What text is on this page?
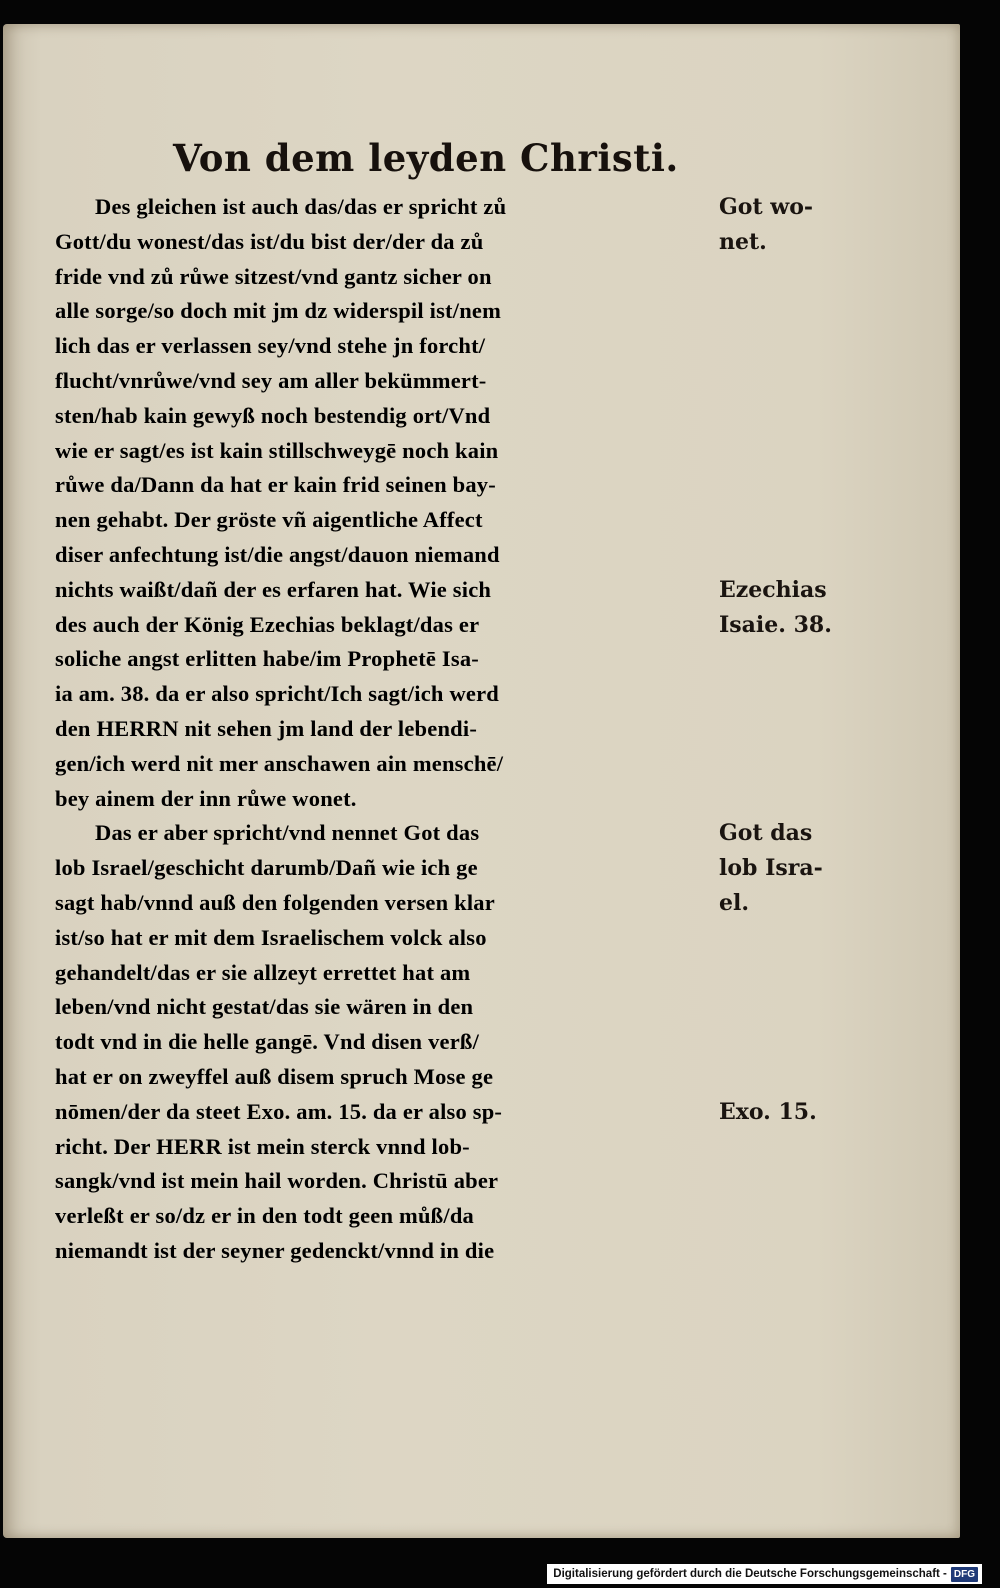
Von dem leyden Christi.
Des gleichen ist auch das/das er spricht zů
Gott/du wonest/das ist/du bist der/der da zů
fride vnd zů růwe sitzest/vnd gantz sicher on
alle sorge/so doch mit jm dz widerspil ist/nem
lich das er verlassen sey/vnd stehe jn forcht/
flucht/vnrůwe/vnd sey am aller bekümmert-
sten/hab kain gewyß noch bestendig ort/Vnd
wie er sagt/es ist kain stillschweygē noch kain
růwe da/Dann da hat er kain frid seinen bay-
nen gehabt. Der gröste vñ aigentliche Affect
diser anfechtung ist/die angst/dauon niemand
nichts waißt/dañ der es erfaren hat. Wie sich
des auch der König Ezechias beklagt/das er
soliche angst erlitten habe/im Prophetē Isa-
ia am. 38. da er also spricht/Ich sagt/ich werd
den HERRN nit sehen jm land der lebendi-
gen/ich werd nit mer anschawen ain menschē/
bey ainem der inn růwe wonet.
Das er aber spricht/vnd nennet Got das
lob Israel/geschicht darumb/Dañ wie ich ge
sagt hab/vnnd auß den folgenden versen klar
ist/so hat er mit dem Israelischem volck also
gehandelt/das er sie allzeyt errettet hat am
leben/vnd nicht gestat/das sie wären in den
todt vnd in die helle gangē. Vnd disen verß/
hat er on zweyffel auß disem spruch Mose ge
nōmen/der da steet Exo. am. 15. da er also sp-
richt. Der HERR ist mein sterck vnnd lob-
sangk/vnd ist mein hail worden. Christū aber
verleßt er so/dz er in den todt geen můß/da
niemandt ist der seyner gedenckt/vnnd in die
Got wo-
net.
Ezechias
Isaie. 38.
Got das
lob Isra-
el.
Exo. 15.
Digitalisierung gefördert durch die Deutsche Forschungsgemeinschaft - DFG
